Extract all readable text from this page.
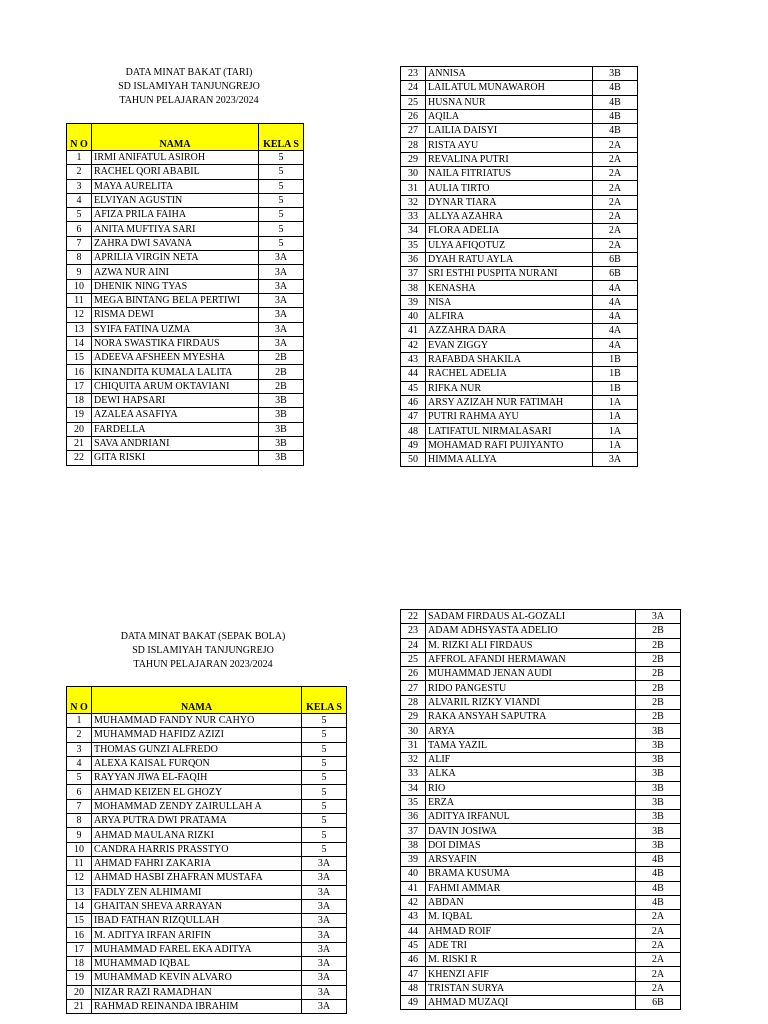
DATA MINAT BAKAT (TARI)
SD ISLAMIYAH TANJUNGREJO
TAHUN PELAJARAN 2023/2024
N O	NAMA	KELA S
1	IRMI ANIFATUL ASIROH	5
2	RACHEL QORI ABABIL	5
3	MAYA AURELITA	5
4	ELVIYAN AGUSTIN	5
5	AFIZA PRILA FAIHA	5
6	ANITA MUFTIYA SARI	5
7	ZAHRA DWI SAVANA	5
8	APRILIA VIRGIN NETA	3A
9	AZWA NUR AINI	3A
10	DHENIK NING TYAS	3A
11	MEGA BINTANG BELA PERTIWI	3A
12	RISMA DEWI	3A
13	SYIFA FATINA UZMA	3A
14	NORA SWASTIKA FIRDAUS	3A
15	ADEEVA AFSHEEN MYESHA	2B
16	KINANDITA KUMALA LALITA	2B
17	CHIQUITA ARUM OKTAVIANI	2B
18	DEWI HAPSARI	3B
19	AZALEA ASAFIYA	3B
20	FARDELLA	3B
21	SAVA ANDRIANI	3B
22	GITA RISKI	3B
23	ANNISA	3B
24	LAILATUL MUNAWAROH	4B
25	HUSNA NUR	4B
26	AQILA	4B
27	LAILIA DAISYI	4B
28	RISTA AYU	2A
29	REVALINA PUTRI	2A
30	NAILA FITRIATUS	2A
31	AULIA TIRTO	2A
32	DYNAR TIARA	2A
33	ALLYA AZAHRA	2A
34	FLORA ADELIA	2A
35	ULYA AFIQOTUZ	2A
36	DYAH RATU AYLA	6B
37	SRI ESTHI PUSPITA NURANI	6B
38	KENASHA	4A
39	NISA	4A
40	ALFIRA	4A
41	AZZAHRA DARA	4A
42	EVAN ZIGGY	4A
43	RAFABDA SHAKILA	1B
44	RACHEL ADELIA	1B
45	RIFKA NUR	1B
46	ARSY AZIZAH NUR FATIMAH	1A
47	PUTRI RAHMA AYU	1A
48	LATIFATUL NIRMALASARI	1A
49	MOHAMAD RAFI PUJIYANTO	1A
50	HIMMA ALLYA	3A
DATA MINAT BAKAT (SEPAK BOLA)
SD ISLAMIYAH TANJUNGREJO
TAHUN PELAJARAN 2023/2024
N O	NAMA	KELA S
1	MUHAMMAD FANDY NUR CAHYO	5
2	MUHAMMAD HAFIDZ AZIZI	5
3	THOMAS GUNZI ALFREDO	5
4	ALEXA KAISAL FURQON	5
5	RAYYAN JIWA EL-FAQIH	5
6	AHMAD KEIZEN EL GHOZY	5
7	MOHAMMAD ZENDY ZAIRULLAH A	5
8	ARYA PUTRA DWI PRATAMA	5
9	AHMAD MAULANA RIZKI	5
10	CANDRA HARRIS PRASSTYO	5
11	AHMAD FAHRI ZAKARIA	3A
12	AHMAD HASBI ZHAFRAN MUSTAFA	3A
13	FADLY ZEN ALHIMAMI	3A
14	GHAITAN SHEVA ARRAYAN	3A
15	IBAD FATHAN RIZQULLAH	3A
16	M. ADITYA IRFAN ARIFIN	3A
17	MUHAMMAD FAREL EKA ADITYA	3A
18	MUHAMMAD IQBAL	3A
19	MUHAMMAD KEVIN ALVARO	3A
20	NIZAR RAZI RAMADHAN	3A
21	RAHMAD REINANDA IBRAHIM	3A
22	SADAM FIRDAUS AL-GOZALI	3A
23	ADAM ADHSYASTA ADELIO	2B
24	M. RIZKI ALI FIRDAUS	2B
25	AFFROL AFANDI HERMAWAN	2B
26	MUHAMMAD JENAN AUDI	2B
27	RIDO PANGESTU	2B
28	ALVARIL RIZKY VIANDI	2B
29	RAKA ANSYAH SAPUTRA	2B
30	ARYA	3B
31	TAMA YAZIL	3B
32	ALIF	3B
33	ALKA	3B
34	RIO	3B
35	ERZA	3B
36	ADITYA IRFANUL	3B
37	DAVIN JOSIWA	3B
38	DOI DIMAS	3B
39	ARSYAFIN	4B
40	BRAMA KUSUMA	4B
41	FAHMI AMMAR	4B
42	ABDAN	4B
43	M. IQBAL	2A
44	AHMAD ROIF	2A
45	ADE TRI	2A
46	M. RISKI R	2A
47	KHENZI AFIF	2A
48	TRISTAN SURYA	2A
49	AHMAD MUZAQI	6B
